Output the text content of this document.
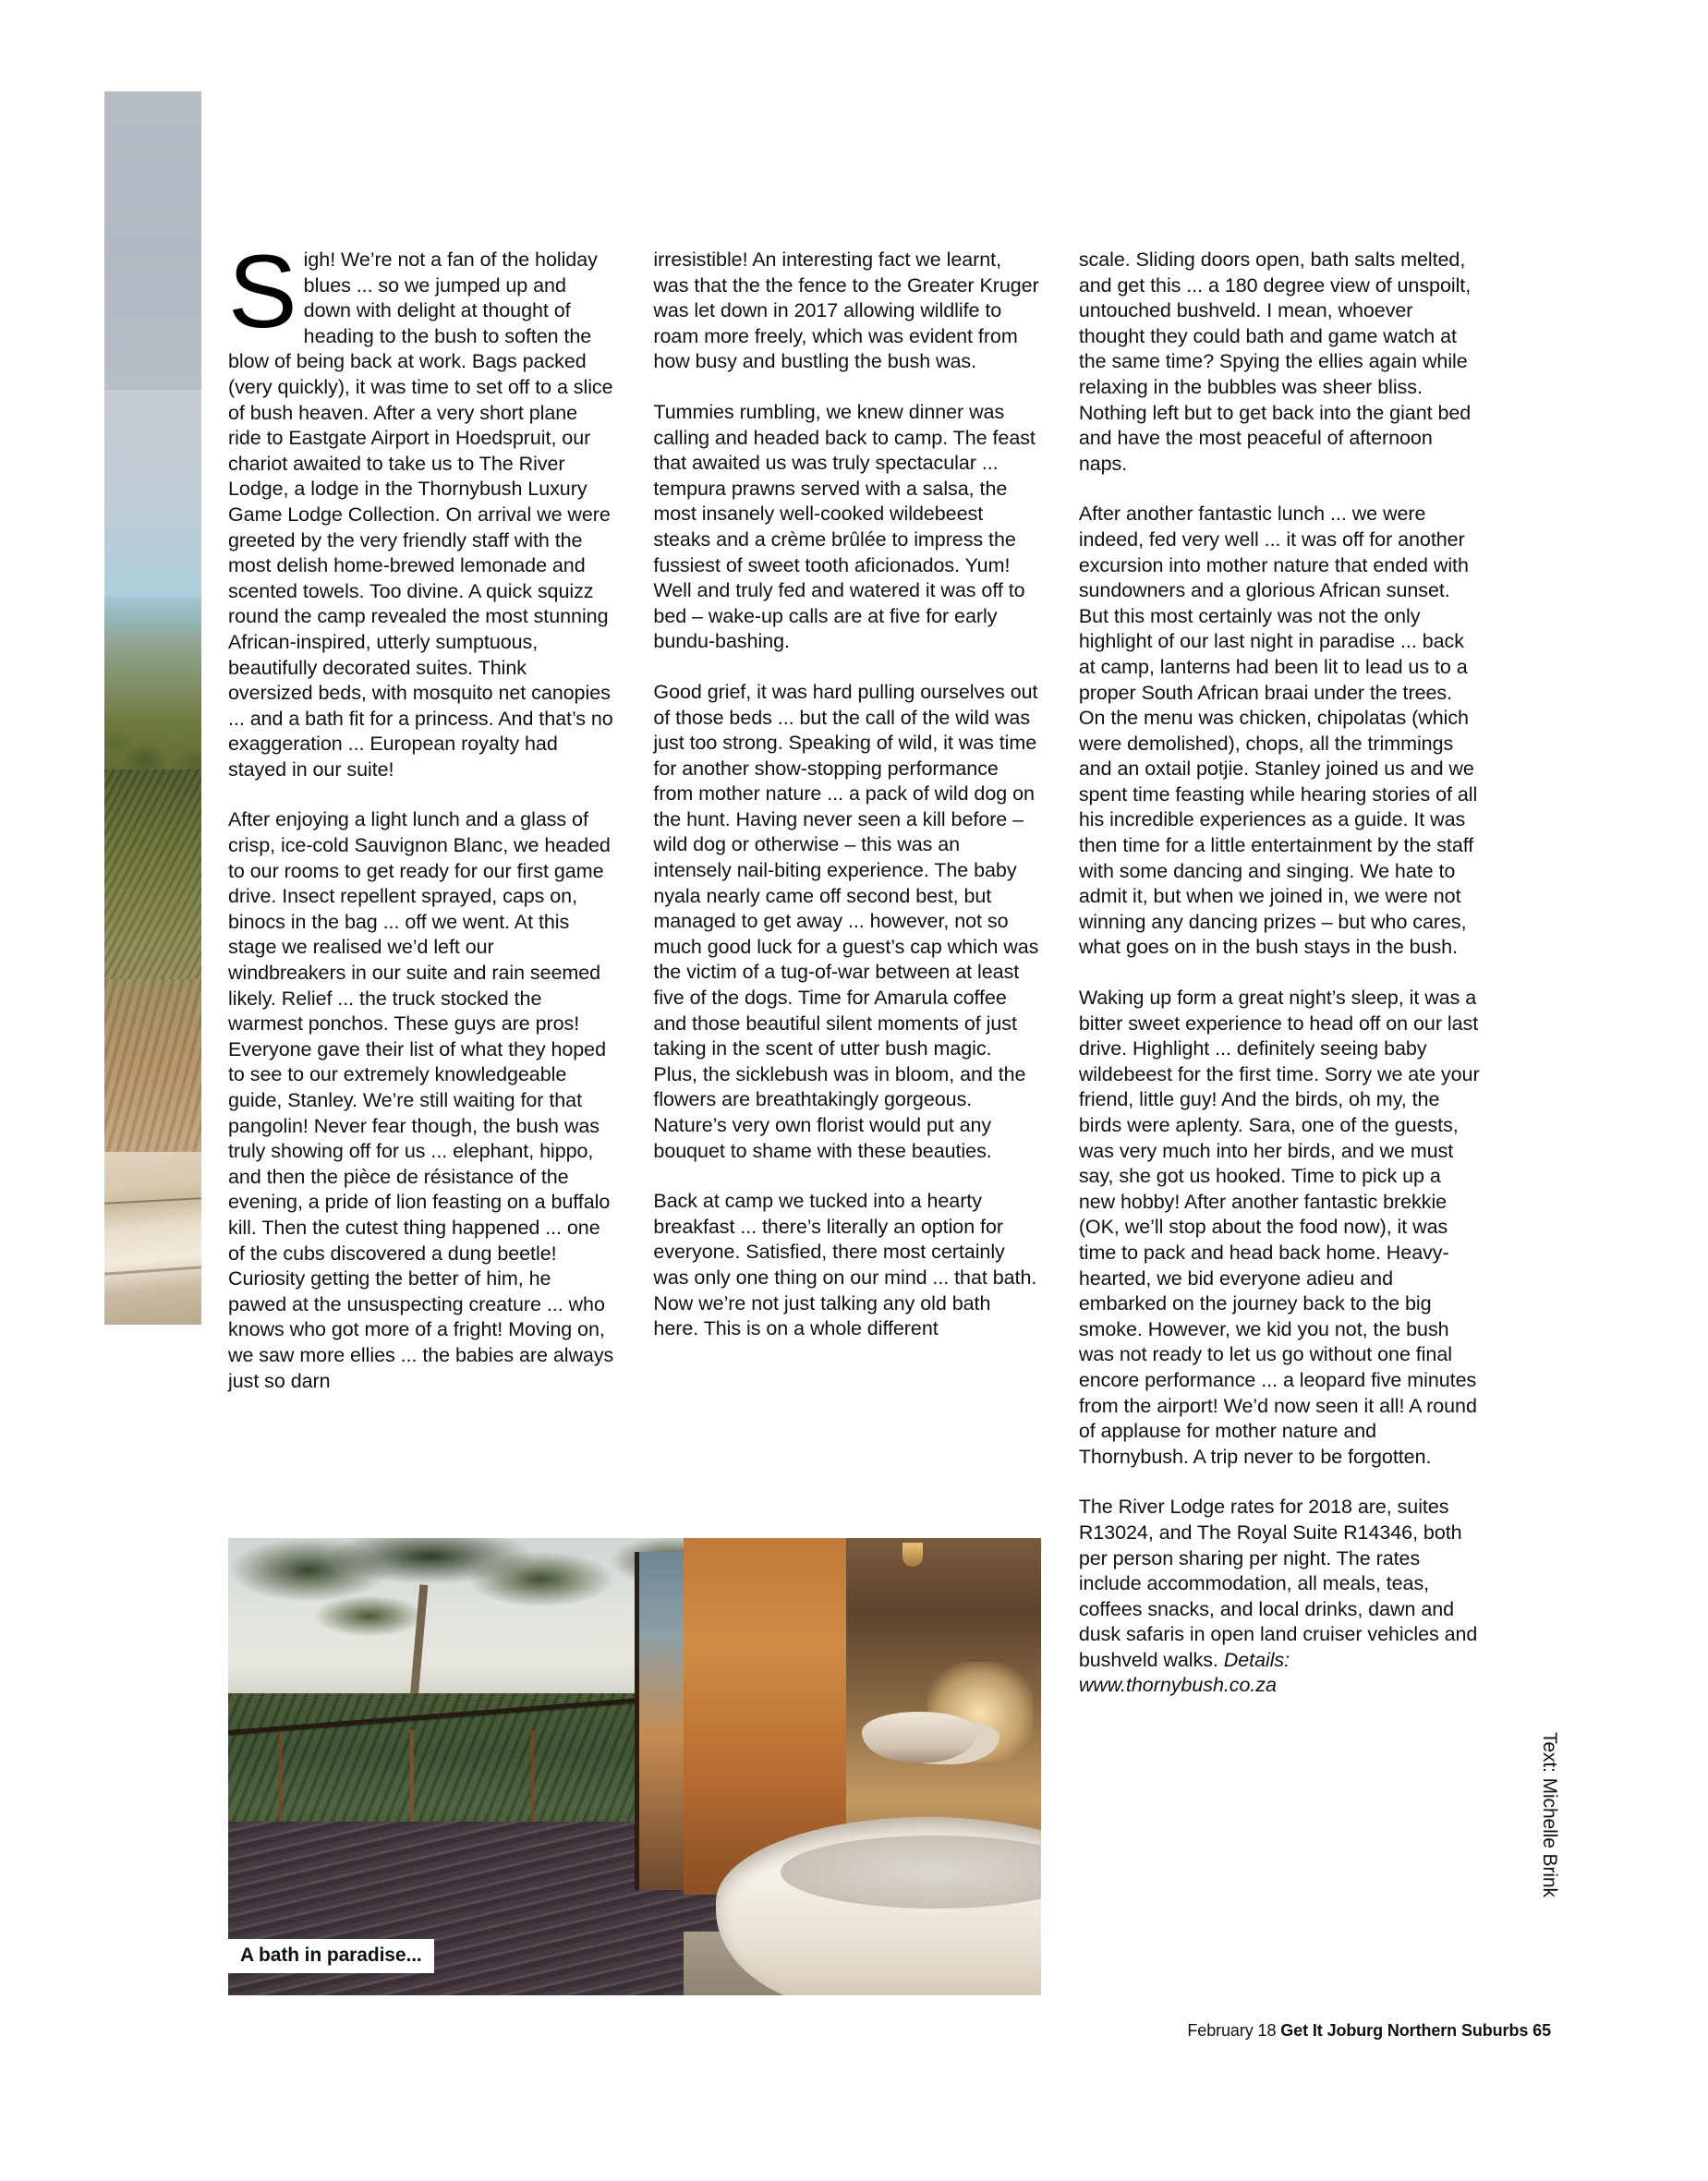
Sigh! We’re not a fan of the holiday blues ... so we jumped up and down with delight at thought of heading to the bush to soften the blow of being back at work. Bags packed (very quickly), it was time to set off to a slice of bush heaven. After a very short plane ride to Eastgate Airport in Hoedspruit, our chariot awaited to take us to The River Lodge, a lodge in the Thornybush Luxury Game Lodge Collection. On arrival we were greeted by the very friendly staff with the most delish home-brewed lemonade and scented towels. Too divine. A quick squizz round the camp revealed the most stunning African-inspired, utterly sumptuous, beautifully decorated suites. Think oversized beds, with mosquito net canopies ... and a bath fit for a princess. And that’s no exaggeration ... European royalty had stayed in our suite!

After enjoying a light lunch and a glass of crisp, ice-cold Sauvignon Blanc, we headed to our rooms to get ready for our first game drive. Insect repellent sprayed, caps on, binocs in the bag ... off we went. At this stage we realised we’d left our windbreakers in our suite and rain seemed likely. Relief ... the truck stocked the warmest ponchos. These guys are pros! Everyone gave their list of what they hoped to see to our extremely knowledgeable guide, Stanley. We’re still waiting for that pangolin! Never fear though, the bush was truly showing off for us ... elephant, hippo, and then the pièce de résistance of the evening, a pride of lion feasting on a buffalo kill. Then the cutest thing happened ... one of the cubs discovered a dung beetle! Curiosity getting the better of him, he pawed at the unsuspecting creature ... who knows who got more of a fright! Moving on, we saw more ellies ... the babies are always just so darn

irresistible! An interesting fact we learnt, was that the the fence to the Greater Kruger was let down in 2017 allowing wildlife to roam more freely, which was evident from how busy and bustling the bush was.

Tummies rumbling, we knew dinner was calling and headed back to camp. The feast that awaited us was truly spectacular ... tempura prawns served with a salsa, the most insanely well-cooked wildebeest steaks and a crème brûlée to impress the fussiest of sweet tooth aficionados. Yum! Well and truly fed and watered it was off to bed – wake-up calls are at five for early bundu-bashing.

Good grief, it was hard pulling ourselves out of those beds ... but the call of the wild was just too strong. Speaking of wild, it was time for another show-stopping performance from mother nature ... a pack of wild dog on the hunt. Having never seen a kill before – wild dog or otherwise – this was an intensely nail-biting experience. The baby nyala nearly came off second best, but managed to get away ... however, not so much good luck for a guest’s cap which was the victim of a tug-of-war between at least five of the dogs. Time for Amarula coffee and those beautiful silent moments of just taking in the scent of utter bush magic. Plus, the sicklebush was in bloom, and the flowers are breathtakingly gorgeous. Nature’s very own florist would put any bouquet to shame with these beauties.

Back at camp we tucked into a hearty breakfast ... there’s literally an option for everyone. Satisfied, there most certainly was only one thing on our mind ... that bath. Now we’re not just talking any old bath here. This is on a whole different

scale. Sliding doors open, bath salts melted, and get this ... a 180 degree view of unspoilt, untouched bushveld. I mean, whoever thought they could bath and game watch at the same time? Spying the ellies again while relaxing in the bubbles was sheer bliss. Nothing left but to get back into the giant bed and have the most peaceful of afternoon naps.

After another fantastic lunch ... we were indeed, fed very well ... it was off for another excursion into mother nature that ended with sundowners and a glorious African sunset. But this most certainly was not the only highlight of our last night in paradise ... back at camp, lanterns had been lit to lead us to a proper South African braai under the trees. On the menu was chicken, chipolatas (which were demolished), chops, all the trimmings and an oxtail potjie. Stanley joined us and we spent time feasting while hearing stories of all his incredible experiences as a guide. It was then time for a little entertainment by the staff with some dancing and singing. We hate to admit it, but when we joined in, we were not winning any dancing prizes – but who cares, what goes on in the bush stays in the bush.

Waking up form a great night’s sleep, it was a bitter sweet experience to head off on our last drive. Highlight ... definitely seeing baby wildebeest for the first time. Sorry we ate your friend, little guy! And the birds, oh my, the birds were aplenty. Sara, one of the guests, was very much into her birds, and we must say, she got us hooked. Time to pick up a new hobby! After another fantastic brekkie (OK, we’ll stop about the food now), it was time to pack and head back home. Heavy-hearted, we bid everyone adieu and embarked on the journey back to the big smoke. However, we kid you not, the bush was not ready to let us go without one final encore performance ... a leopard five minutes from the airport! We’d now seen it all! A round of applause for mother nature and Thornybush. A trip never to be forgotten.

The River Lodge rates for 2018 are, suites R13024, and The Royal Suite R14346, both per person sharing per night. The rates include accommodation, all meals, teas, coffees snacks, and local drinks, dawn and dusk safaris in open land cruiser vehicles and bushveld walks. Details: www.thornybush.co.za

A bath in paradise...
Text: Michelle Brink
February 18 Get It Joburg Northern Suburbs 65
